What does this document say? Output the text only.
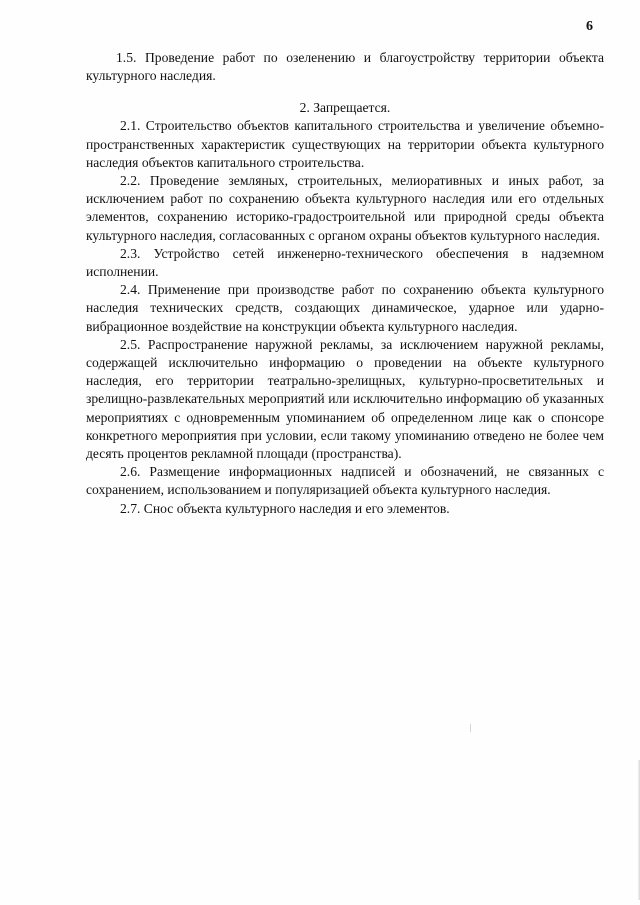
6

1.5. Проведение работ по озеленению и благоустройству территории объекта культурного наследия.

2. Запрещается.

2.1. Строительство объектов капитального строительства и увеличение объемно-пространственных характеристик существующих на территории объекта культурного наследия объектов капитального строительства.

2.2. Проведение земляных, строительных, мелиоративных и иных работ, за исключением работ по сохранению объекта культурного наследия или его отдельных элементов, сохранению историко-градостроительной или природной среды объекта культурного наследия, согласованных с органом охраны объектов культурного наследия.

2.3. Устройство сетей инженерно-технического обеспечения в надземном исполнении.

2.4. Применение при производстве работ по сохранению объекта культурного наследия технических средств, создающих динамическое, ударное или ударно-вибрационное воздействие на конструкции объекта культурного наследия.

2.5. Распространение наружной рекламы, за исключением наружной рекламы, содержащей исключительно информацию о проведении на объекте культурного наследия, его территории театрально-зрелищных, культурно-просветительных и зрелищно-развлекательных мероприятий или исключительно информацию об указанных мероприятиях с одновременным упоминанием об определенном лице как о спонсоре конкретного мероприятия при условии, если такому упоминанию отведено не более чем десять процентов рекламной площади (пространства).

2.6. Размещение информационных надписей и обозначений, не связанных с сохранением, использованием и популяризацией объекта культурного наследия.

2.7. Снос объекта культурного наследия и его элементов.
